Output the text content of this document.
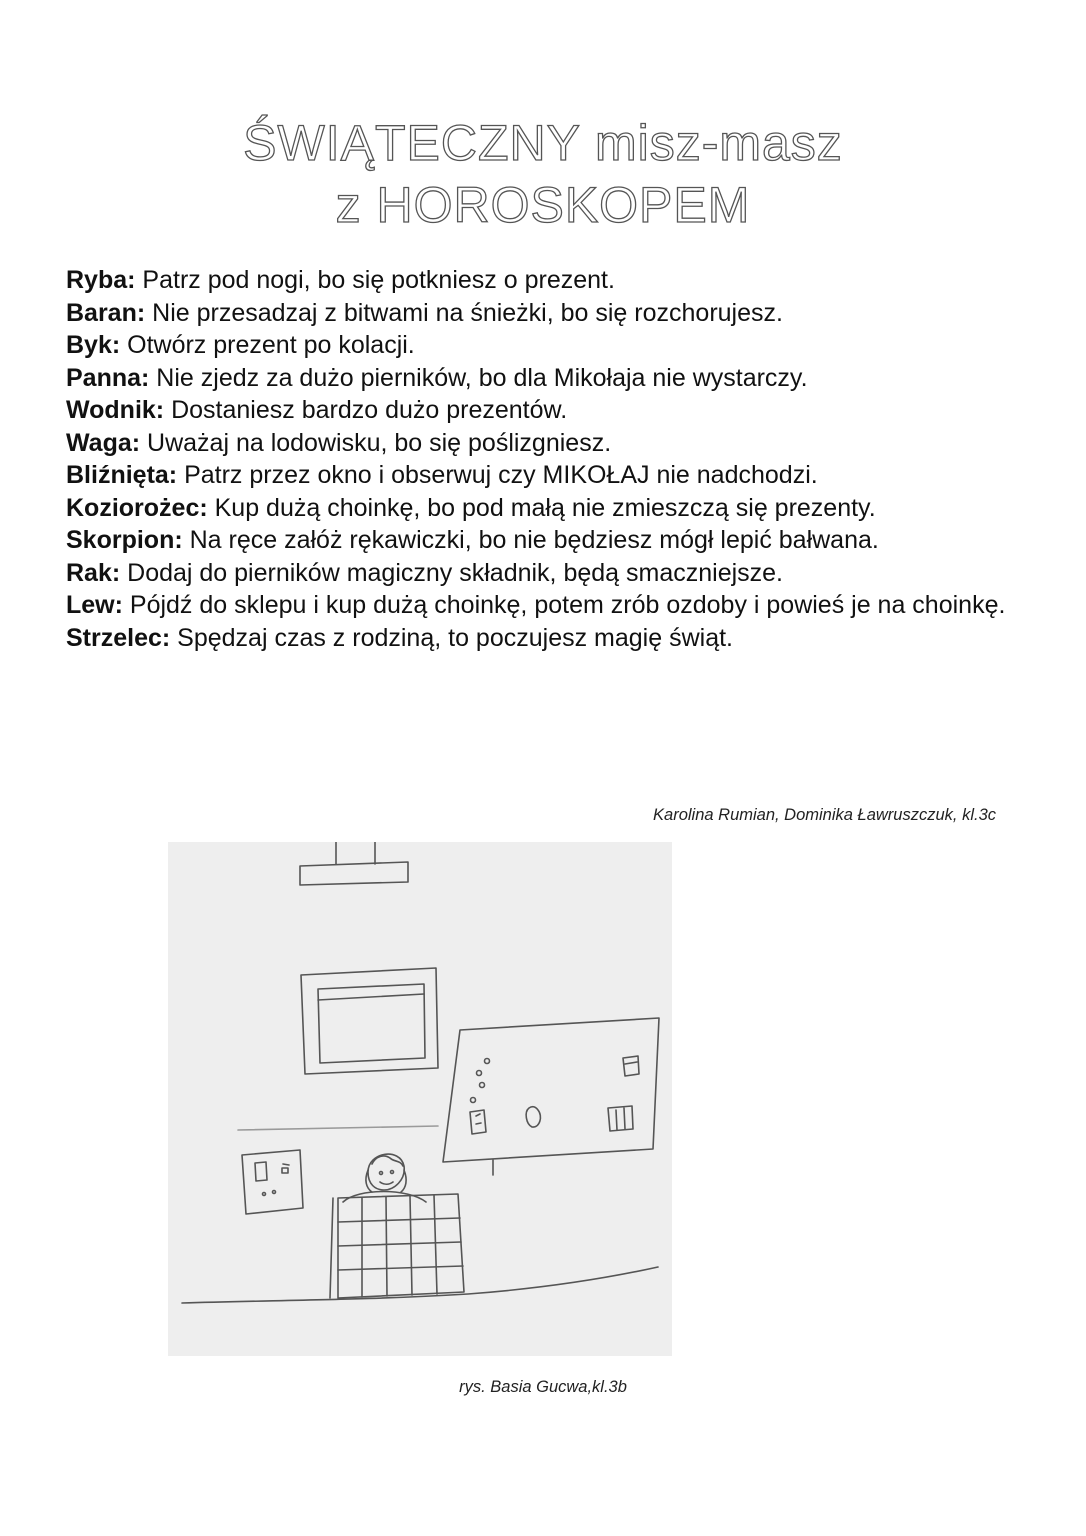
ŚWIĄTECZNY misz-masz
z HOROSKOPEM

Ryba: Patrz pod nogi, bo się potkniesz o prezent.

Baran: Nie przesadzaj z bitwami na śnieżki, bo się rozchorujesz.

Byk: Otwórz prezent po kolacji.

Panna: Nie zjedz za dużo pierników, bo dla Mikołaja nie wystarczy.

Wodnik: Dostaniesz bardzo dużo prezentów.

Waga: Uważaj na lodowisku, bo się poślizgniesz.

Bliźnięta: Patrz przez okno i obserwuj czy MIKOŁAJ nie nadchodzi.

Koziorożec: Kup dużą choinkę, bo pod małą nie zmieszczą się prezenty.

Skorpion: Na ręce załóż rękawiczki, bo nie będziesz mógł lepić bałwana.

Rak: Dodaj do pierników magiczny składnik, będą smaczniejsze.

Lew: Pójdź do sklepu i kup dużą choinkę, potem zrób ozdoby i powieś je na choinkę.

Strzelec: Spędzaj czas z rodziną, to poczujesz magię świąt.

Karolina Rumian, Dominika Ławruszczuk, kl.3c
rys. Basia Gucwa,kl.3b
